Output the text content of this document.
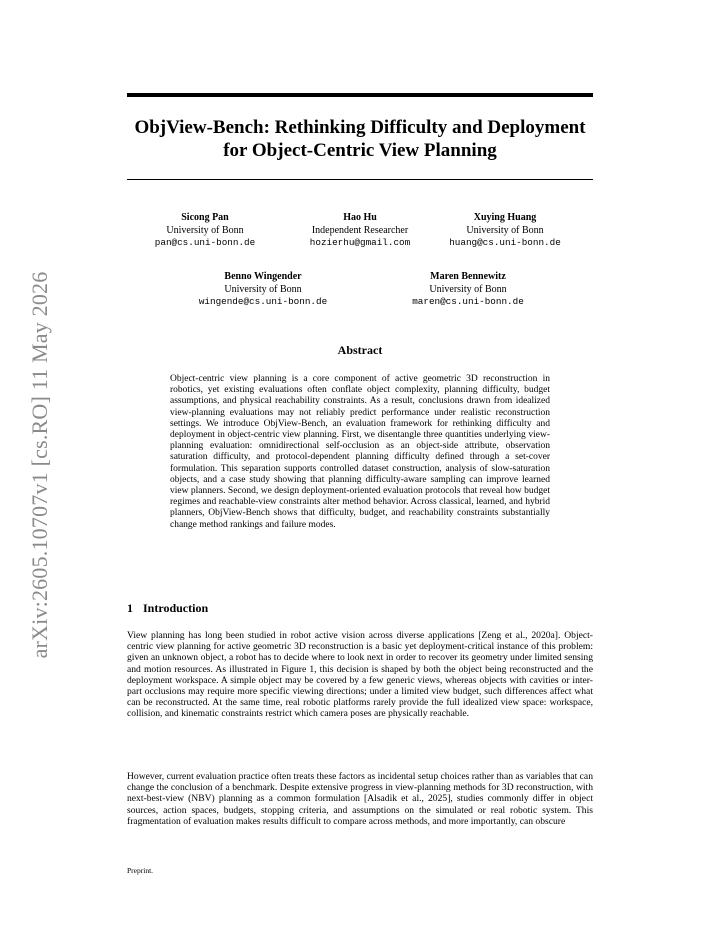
arXiv:2605.10707v1 [cs.RO] 11 May 2026
ObjView-Bench: Rethinking Difficulty and Deployment for Object-Centric View Planning
Sicong Pan
University of Bonn
pan@cs.uni-bonn.de
Hao Hu
Independent Researcher
hozierhu@gmail.com
Xuying Huang
University of Bonn
huang@cs.uni-bonn.de
Benno Wingender
University of Bonn
wingende@cs.uni-bonn.de
Maren Bennewitz
University of Bonn
maren@cs.uni-bonn.de
Abstract
Object-centric view planning is a core component of active geometric 3D reconstruction in robotics, yet existing evaluations often conflate object complexity, planning difficulty, budget assumptions, and physical reachability constraints. As a result, conclusions drawn from idealized view-planning evaluations may not reliably predict performance under realistic reconstruction settings. We introduce ObjView-Bench, an evaluation framework for rethinking difficulty and deployment in object-centric view planning. First, we disentangle three quantities underlying view-planning evaluation: omnidirectional self-occlusion as an object-side attribute, observation saturation difficulty, and protocol-dependent planning difficulty defined through a set-cover formulation. This separation supports controlled dataset construction, analysis of slow-saturation objects, and a case study showing that planning difficulty-aware sampling can improve learned view planners. Second, we design deployment-oriented evaluation protocols that reveal how budget regimes and reachable-view constraints alter method behavior. Across classical, learned, and hybrid planners, ObjView-Bench shows that difficulty, budget, and reachability constraints substantially change method rankings and failure modes.
1 Introduction
View planning has long been studied in robot active vision across diverse applications [Zeng et al., 2020a]. Object-centric view planning for active geometric 3D reconstruction is a basic yet deployment-critical instance of this problem: given an unknown object, a robot has to decide where to look next in order to recover its geometry under limited sensing and motion resources. As illustrated in Figure 1, this decision is shaped by both the object being reconstructed and the deployment workspace. A simple object may be covered by a few generic views, whereas objects with cavities or inter-part occlusions may require more specific viewing directions; under a limited view budget, such differences affect what can be reconstructed. At the same time, real robotic platforms rarely provide the full idealized view space: workspace, collision, and kinematic constraints restrict which camera poses are physically reachable.
However, current evaluation practice often treats these factors as incidental setup choices rather than as variables that can change the conclusion of a benchmark. Despite extensive progress in view-planning methods for 3D reconstruction, with next-best-view (NBV) planning as a common formulation [Alsadik et al., 2025], studies commonly differ in object sources, action spaces, budgets, stopping criteria, and assumptions on the simulated or real robotic system. This fragmentation of evaluation makes results difficult to compare across methods, and more importantly, can obscure
Preprint.
